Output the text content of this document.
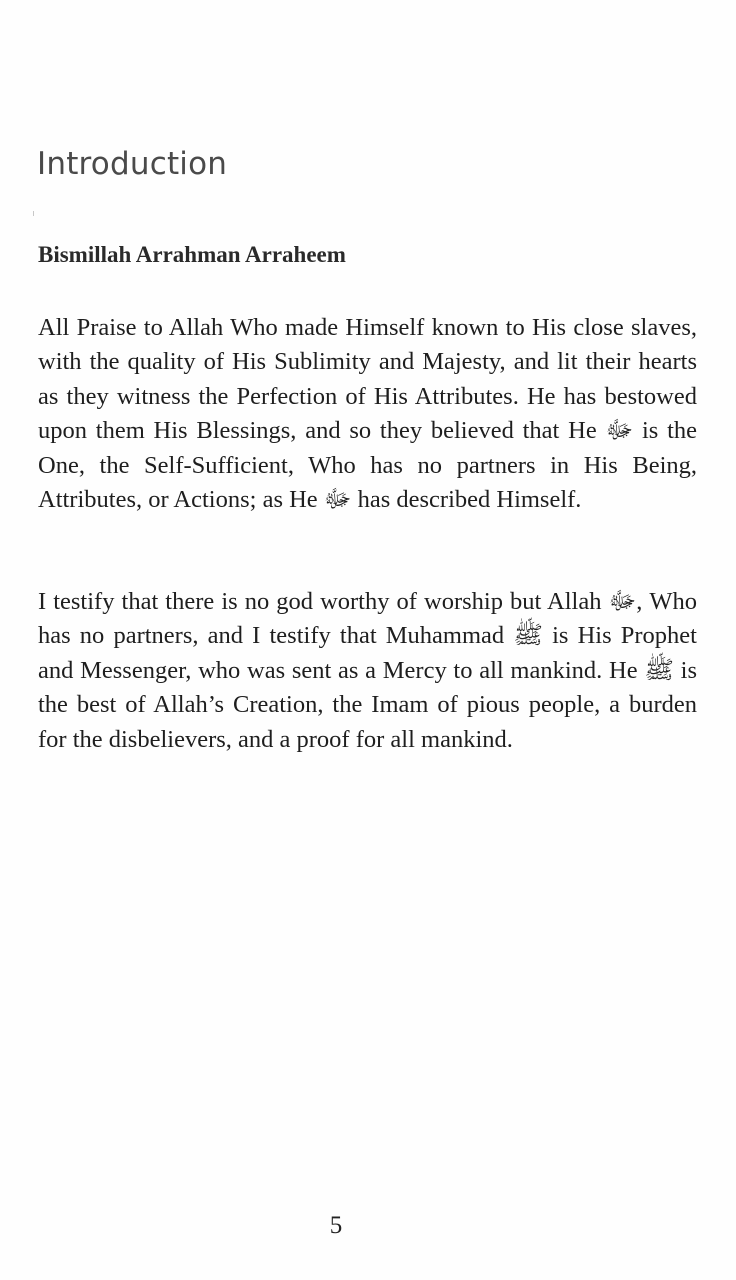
Introduction
Bismillah Arrahman Arraheem

All Praise to Allah Who made Himself known to His close slaves, with the quality of His Sublimity and Majesty, and lit their hearts as they witness the Perfection of His Attributes. He has bestowed upon them His Blessings, and so they believed that He ﷻ is the One, the Self-Sufficient, Who has no partners in His Being, Attributes, or Actions; as He ﷻ has described Himself.

I testify that there is no god worthy of worship but Allah ﷻ, Who has no partners, and I testify that Muhammad ﷺ is His Prophet and Messenger, who was sent as a Mercy to all mankind. He ﷺ is the best of Allah’s Creation, the Imam of pious people, a burden for the disbelievers, and a proof for all mankind.

5
